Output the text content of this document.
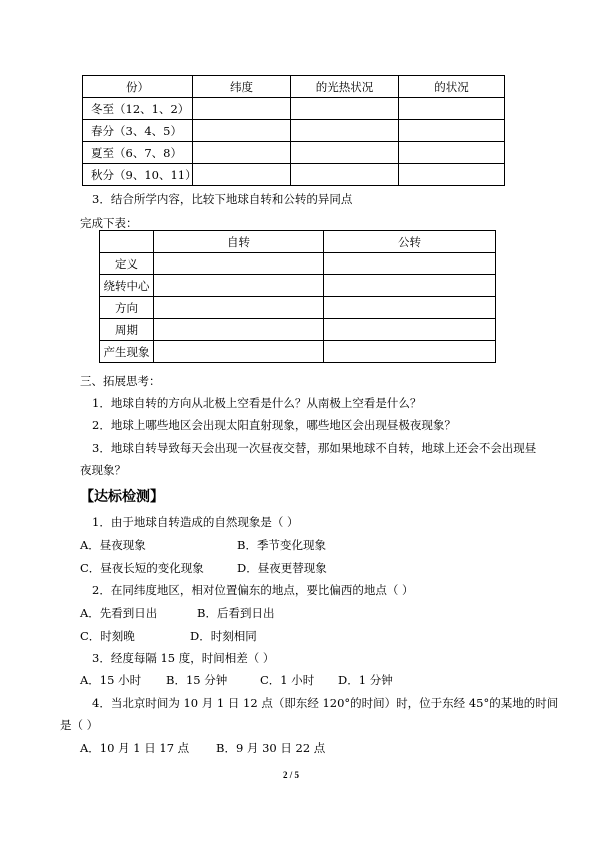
份）	纬度	的光热状况	的状况
冬至（12、1、2）			
春分（3、4、5）			
夏至（6、7、8）			
秋分（9、10、11）			
3．结合所学内容，比较下地球自转和公转的异同点
完成下表：
	自转	公转
定义		
绕转中心		
方向		
周期		
产生现象		
三、拓展思考：
1．地球自转的方向从北极上空看是什么？从南极上空看是什么？
2．地球上哪些地区会出现太阳直射现象，哪些地区会出现昼极夜现象？
3．地球自转导致每天会出现一次昼夜交替，那如果地球不自转，地球上还会不会出现昼
夜现象？
【达标检测】
1．由于地球自转造成的自然现象是（ ）
A．昼夜现象	B．季节变化现象
C．昼夜长短的变化现象	D．昼夜更替现象
2．在同纬度地区，相对位置偏东的地点，要比偏西的地点（ ）
A．先看到日出	B．后看到日出
C．时刻晚	D．时刻相同
3．经度每隔 15 度，时间相差（ ）
A．15 小时 B．15 分钟	C．1 小时 D．1 分钟
4．当北京时间为 10 月 1 日 12 点（即东经 120°的时间）时，位于东经 45°的某地的时间
是（ ）
A．10 月 1 日 17 点 B．9 月 30 日 22 点
2 / 5
